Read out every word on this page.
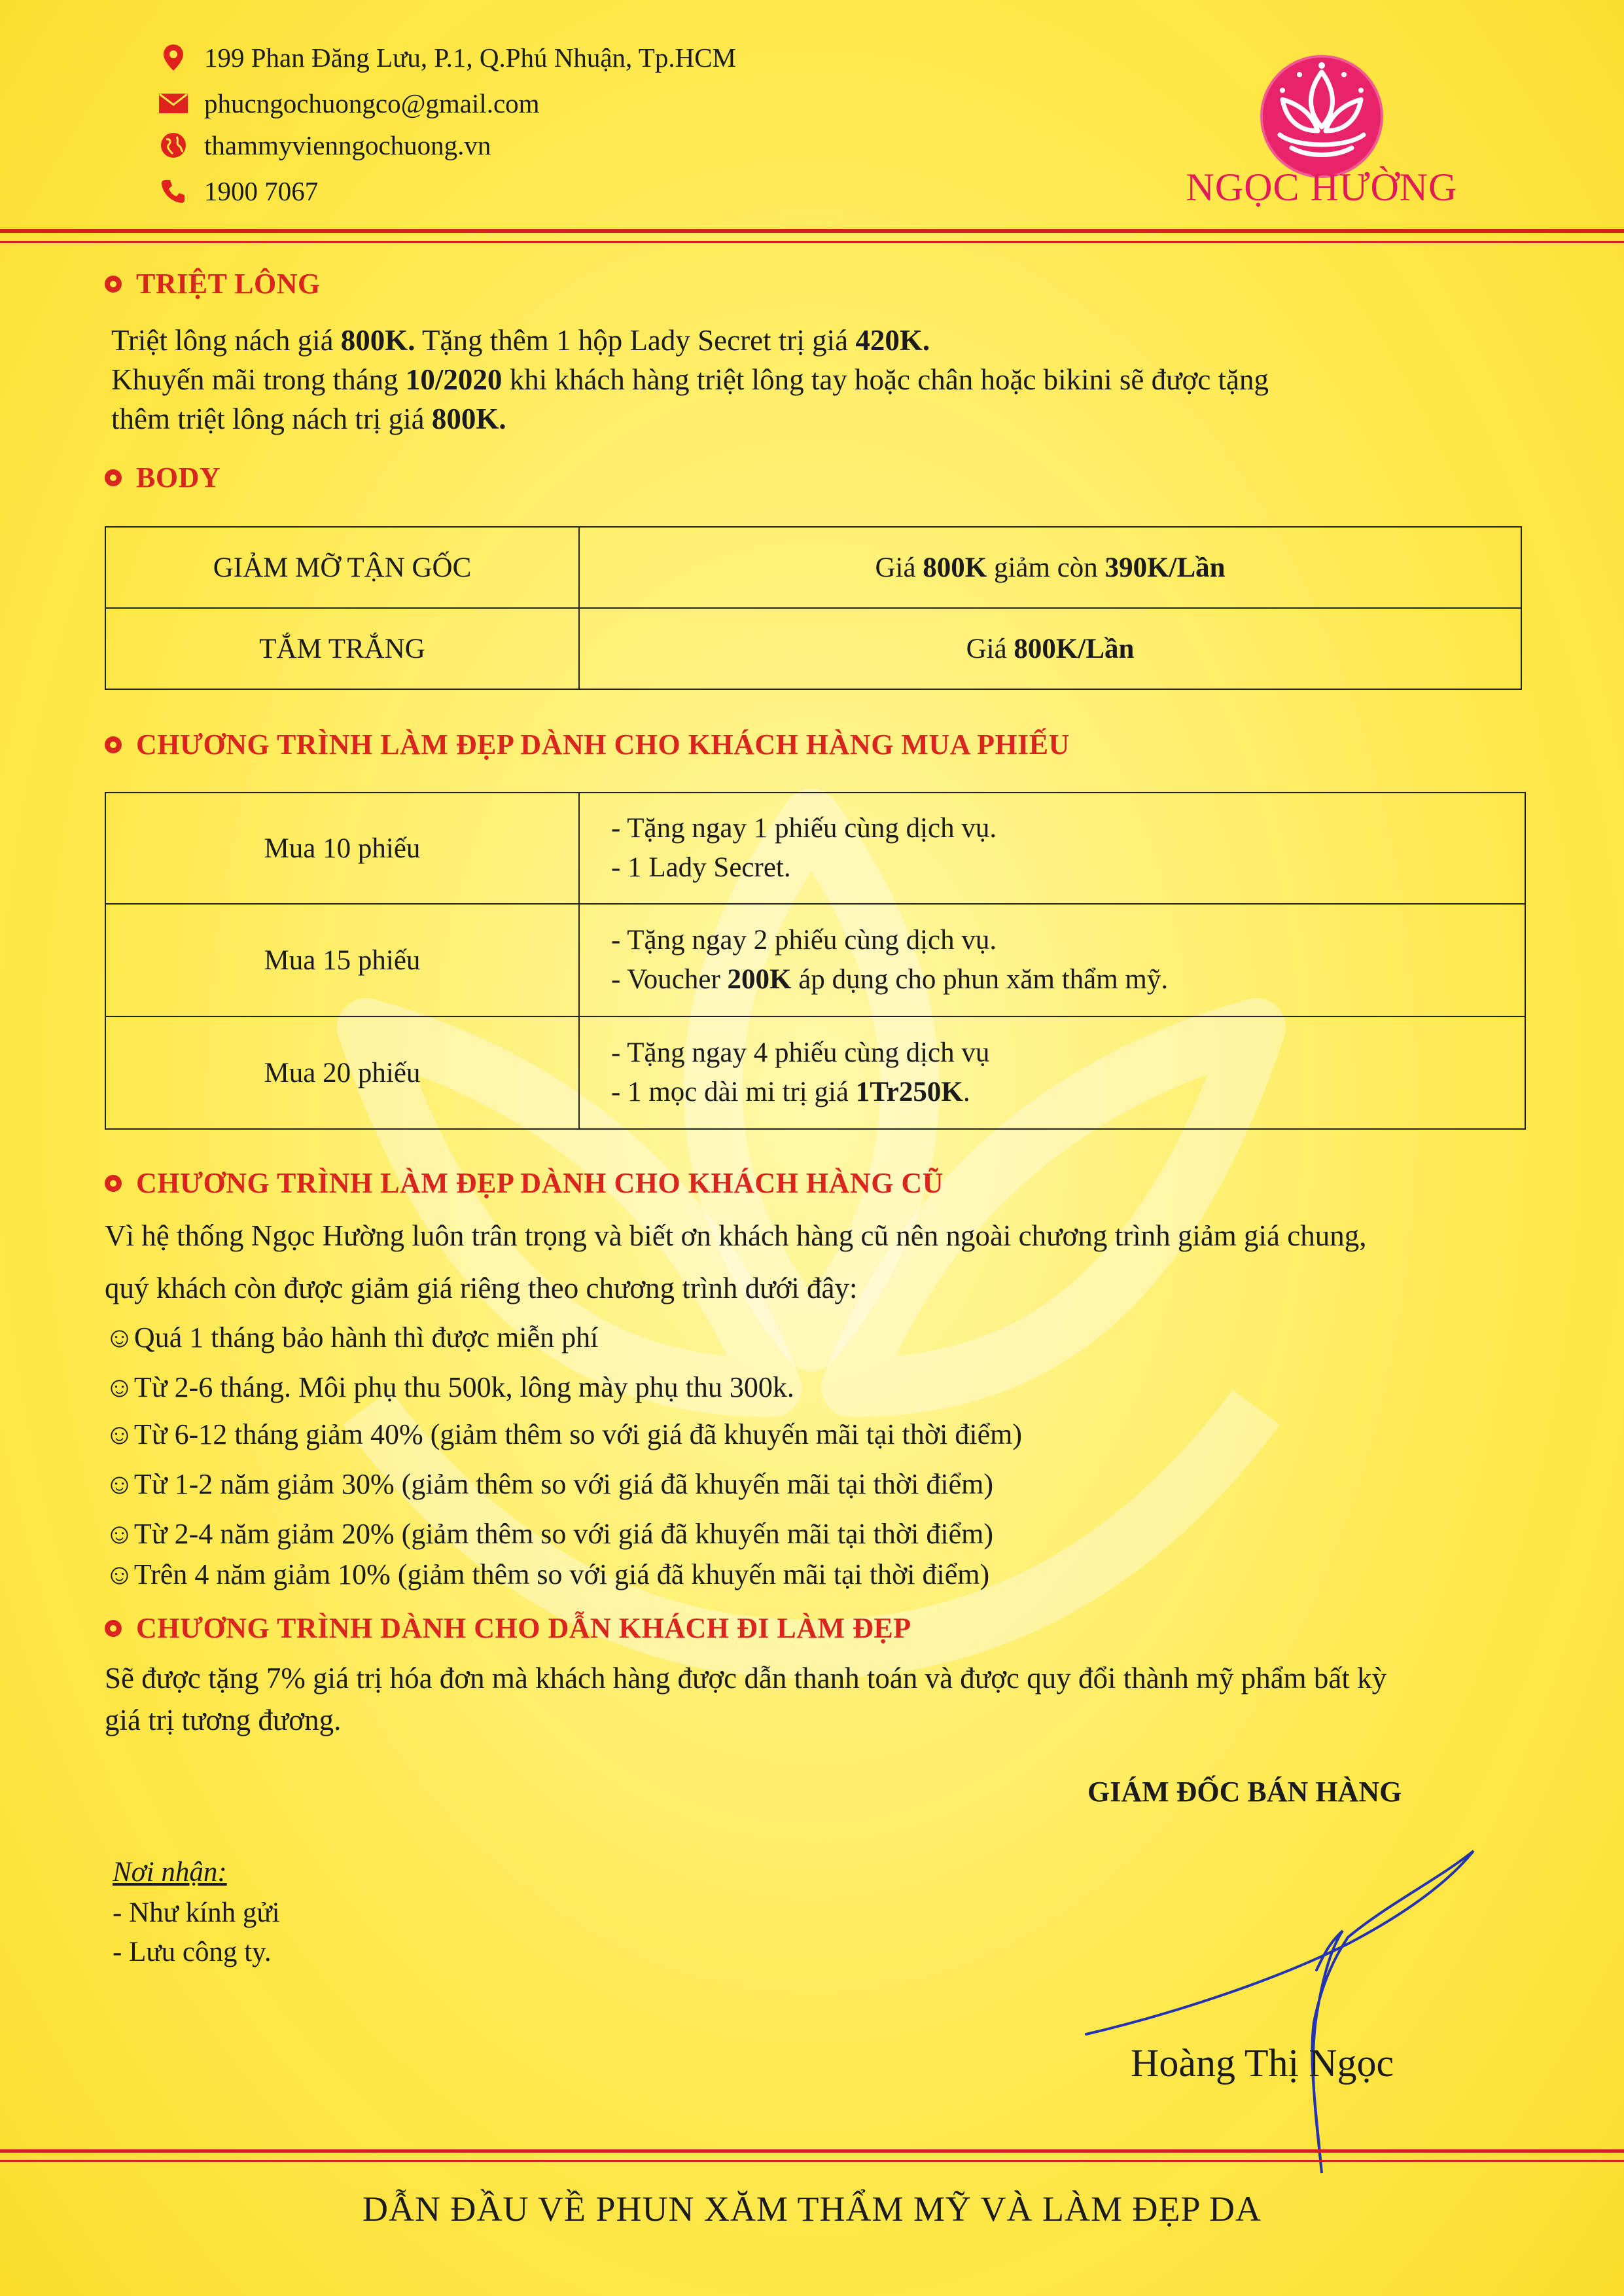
199 Phan Đăng Lưu, P.1, Q.Phú Nhuận, Tp.HCM
phucngochuongco@gmail.com
thammyvienngochuong.vn
1900 7067	NGỌC HƯỜNG
TRIỆT LÔNG
Triệt lông nách giá 800K. Tặng thêm 1 hộp Lady Secret trị giá 420K.
Khuyến mãi trong tháng 10/2020 khi khách hàng triệt lông tay hoặc chân hoặc bikini sẽ được tặng
thêm triệt lông nách trị giá 800K.
BODY
GIẢM MỠ TẬN GỐC	Giá 800K giảm còn 390K/Lần
TẮM TRẮNG	Giá 800K/Lần
CHƯƠNG TRÌNH LÀM ĐẸP DÀNH CHO KHÁCH HÀNG MUA PHIẾU
Mua 10 phiếu	- Tặng ngay 1 phiếu cùng dịch vụ.
- 1 Lady Secret.

Mua 15 phiếu	- Tặng ngay 2 phiếu cùng dịch vụ.
- Voucher 200K áp dụng cho phun xăm thẩm mỹ.

Mua 20 phiếu	- Tặng ngay 4 phiếu cùng dịch vụ
- 1 mọc dài mi trị giá 1Tr250K.
CHƯƠNG TRÌNH LÀM ĐẸP DÀNH CHO KHÁCH HÀNG CŨ
Vì hệ thống Ngọc Hường luôn trân trọng và biết ơn khách hàng cũ nên ngoài chương trình giảm giá chung,
quý khách còn được giảm giá riêng theo chương trình dưới đây:
☺Quá 1 tháng bảo hành thì được miễn phí
☺Từ 2-6 tháng. Môi phụ thu 500k, lông mày phụ thu 300k.
☺Từ 6-12 tháng giảm 40% (giảm thêm so với giá đã khuyến mãi tại thời điểm)
☺Từ 1-2 năm giảm 30% (giảm thêm so với giá đã khuyến mãi tại thời điểm)
☺Từ 2-4 năm giảm 20% (giảm thêm so với giá đã khuyến mãi tại thời điểm)
☺Trên 4 năm giảm 10% (giảm thêm so với giá đã khuyến mãi tại thời điểm)
CHƯƠNG TRÌNH DÀNH CHO DẪN KHÁCH ĐI LÀM ĐẸP
Sẽ được tặng 7% giá trị hóa đơn mà khách hàng được dẫn thanh toán và được quy đổi thành mỹ phẩm bất kỳ
giá trị tương đương.
GIÁM ĐỐC BÁN HÀNG
Nơi nhận:
- Như kính gửi
- Lưu công ty.
Hoàng Thị Ngọc
DẪN ĐẦU VỀ PHUN XĂM THẨM MỸ VÀ LÀM ĐẸP DA
